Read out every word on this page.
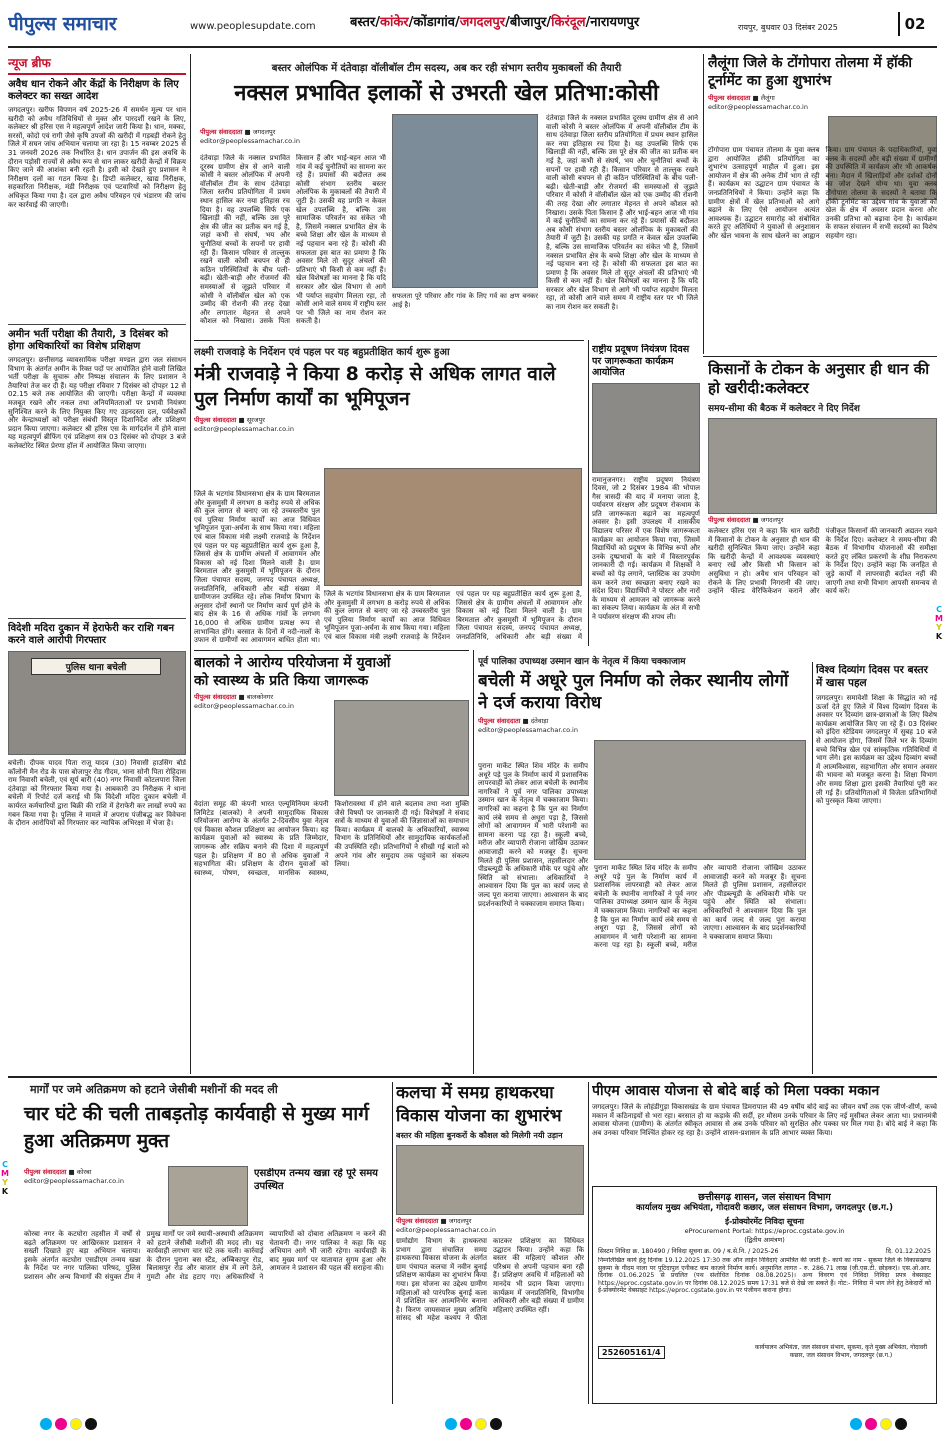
पीपुल्स समाचार	www.peoplesupdate.com	बस्तर/कांकेर/कोंडागांव/जगदलपुर/बीजापुर/किरंदूल/नारायणपुर	रायपुर, बुधवार 03 दिसंबर 2025	02
न्यूज ब्रीफ
अवैध धान रोकने और केंद्रों के निरीक्षण के लिए कलेक्टर का सख्त आदेश
जगदलपुर। खरीफ विपणन वर्ष 2025-26 में समर्थन मूल्य पर धान खरीदी को अवैध गतिविधियों से मुक्त और पारदर्शी रखने के लिए, कलेक्टर श्री हरिस एस ने महत्वपूर्ण आदेश जारी किया है। धान, मक्का, सरसों, कोदो एवं रागी जैसे कृषि उपजों की खरीदी में गड़बड़ी रोकने हेतु जिले में सघन जांच अभियान चलाया जा रहा है। 15 नवम्बर 2025 से 31 जनवरी 2026 तक निर्धारित है। धान उपार्जन की इस अवधि के दौरान पड़ोसी राज्यों से अवैध रूप से धान लाकर खरीदी केन्द्रों में विक्रय किए जाने की आशंका बनी रहती है। इसी को देखते हुए प्रशासन ने निरीक्षण दलों का गठन किया है। डिप्टी कलेक्टर, खाद्य निरीक्षक, सहकारिता निरीक्षक, मंडी निरीक्षक एवं पटवारियों को निरीक्षण हेतु अधिकृत किया गया है। दल द्वारा अवैध परिवहन एवं भंडारण की जांच कर कार्रवाई की जाएगी।
अमीन भर्ती परीक्षा की तैयारी, 3 दिसंबर को होगा अधिकारियों का विशेष प्रशिक्षण
जगदलपुर। छत्तीसगढ़ व्यावसायिक परीक्षा मण्डल द्वारा जल संसाधन विभाग के अंतर्गत अमीन के रिक्त पदों पर आयोजित होने वाली लिखित भर्ती परीक्षा के सुचारू और निष्पक्ष संचालन के लिए प्रशासन ने तैयारियां तेज कर दी हैं। यह परीक्षा रविवार 7 दिसंबर को दोपहर 12 से 02.15 बजे तक आयोजित की जाएगी। परीक्षा केन्द्रों में व्यवस्था मजबूत रखने और नकल तथा अनियमितताओं पर प्रभावी नियंत्रण सुनिश्चित करने के लिए नियुक्त किए गए उड़नदस्ता दल, पर्यवेक्षकों और केन्द्राध्यक्षों को परीक्षा संबंधी विस्तृत दिशानिर्देश और प्रशिक्षण प्रदान किया जाएगा। कलेक्टर श्री हरिस एस के मार्गदर्शन में होने वाला यह महत्वपूर्ण ब्रीफिंग एवं प्रशिक्षण सत्र 03 दिसंबर को दोपहर 3 बजे कलेक्टोरेट स्थित प्रेरणा हॉल में आयोजित किया जाएगा।
विदेशी मदिरा दुकान में हेराफेरी कर राशि गबन करने वाले आरोपी गिरफ्तार
पुलिस थाना बचेली
बचेली। दीपक यादव पिता राजू यादव (30) निवासी हाउसिंग बोर्ड कॉलोनी मैन रोड के पास बोजापुर रोड गीदम, भाना सोनी पिता रोहिदास राम निवासी बचेली, एवं सूर्य बारी (40) नगर निवासी कोटलपारा जिला दंतेवाड़ा को गिरफ्तार किया गया है। आबकारी उप निरीक्षक ने थाना बचेली में रिपोर्ट दर्ज कराई थी कि विदेशी मदिरा दुकान बचेली में कार्यरत कर्मचारियों द्वारा बिक्री की राशि में हेराफेरी कर लाखों रुपये का गबन किया गया है। पुलिस ने मामले में अपराध पंजीबद्ध कर विवेचना के दौरान आरोपियों को गिरफ्तार कर न्यायिक अभिरक्षा में भेजा है।
बस्तर ओलंपिक में दंतेवाड़ा वॉलीबॉल टीम सदस्य, अब कर रही संभाग स्तरीय मुकाबलों की तैयारी
नक्सल प्रभावित इलाकों से उभरती खेल प्रतिभा:कोसी
पीपुल्स संवाददाता ■ जगदलपुर
editor@peoplessamachar.co.in
दंतेवाड़ा जिले के नक्सल प्रभावित दूरस्थ ग्रामीण क्षेत्र से आने वाली कोसी ने बस्तर ओलंपिक में अपनी वॉलीबॉल टीम के साथ दंतेवाड़ा जिला स्तरीय प्रतियोगिता में प्रथम स्थान हासिल कर नया इतिहास रच दिया है। यह उपलब्धि सिर्फ एक खिलाड़ी की नहीं, बल्कि उस पूरे क्षेत्र की जीत का प्रतीक बन गई है, जहां कभी से संघर्ष, भय और चुनौतियां बच्चों के सपनों पर हावी रही हैं। किसान परिवार से ताल्लुक रखने वाली कोसी बचपन से ही कठिन परिस्थितियों के बीच पली-बढ़ी। खेती-बाड़ी और रोजमर्रा की समस्याओं से जूझते परिवार में कोसी ने वॉलीबॉल खेल को एक उम्मीद की रोशनी की तरह देखा और लगातार मेहनत से अपने कौशल को निखारा। उसके पिता किसान हैं और भाई-बहन आज भी गांव में कई चुनौतियों का सामना कर रहे हैं। प्रयासों की बदौलत अब कोसी संभाग स्तरीय बस्तर ओलंपिक के मुकाबलों की तैयारी में जुटी है। उसकी यह प्रगति न केवल खेल उपलब्धि है, बल्कि उस सामाजिक परिवर्तन का संकेत भी है, जिसमें नक्सल प्रभावित क्षेत्र के बच्चे शिक्षा और खेल के माध्यम से नई पहचान बना रहे हैं। कोसी की सफलता इस बात का प्रमाण है कि अवसर मिले तो सुदूर अंचलों की प्रतिभाएं भी किसी से कम नहीं हैं। खेल विशेषज्ञों का मानना है कि यदि सरकार और खेल विभाग से आगे भी पर्याप्त सहयोग मिलता रहा, तो कोसी आने वाले समय में राष्ट्रीय स्तर पर भी जिले का नाम रोशन कर सकती है।
सफलता पूरे परिवार और गांव के लिए गर्व का क्षण बनकर आई है।
दंतेवाड़ा जिले के नक्सल प्रभावित दूरस्थ ग्रामीण क्षेत्र से आने वाली कोसी ने बस्तर ओलंपिक में अपनी वॉलीबॉल टीम के साथ दंतेवाड़ा जिला स्तरीय प्रतियोगिता में प्रथम स्थान हासिल कर नया इतिहास रच दिया है। यह उपलब्धि सिर्फ एक खिलाड़ी की नहीं, बल्कि उस पूरे क्षेत्र की जीत का प्रतीक बन गई है, जहां कभी से संघर्ष, भय और चुनौतियां बच्चों के सपनों पर हावी रही हैं। किसान परिवार से ताल्लुक रखने वाली कोसी बचपन से ही कठिन परिस्थितियों के बीच पली-बढ़ी। खेती-बाड़ी और रोजमर्रा की समस्याओं से जूझते परिवार में कोसी ने वॉलीबॉल खेल को एक उम्मीद की रोशनी की तरह देखा और लगातार मेहनत से अपने कौशल को निखारा। उसके पिता किसान हैं और भाई-बहन आज भी गांव में कई चुनौतियों का सामना कर रहे हैं। प्रयासों की बदौलत अब कोसी संभाग स्तरीय बस्तर ओलंपिक के मुकाबलों की तैयारी में जुटी है। उसकी यह प्रगति न केवल खेल उपलब्धि है, बल्कि उस सामाजिक परिवर्तन का संकेत भी है, जिसमें नक्सल प्रभावित क्षेत्र के बच्चे शिक्षा और खेल के माध्यम से नई पहचान बना रहे हैं। कोसी की सफलता इस बात का प्रमाण है कि अवसर मिले तो सुदूर अंचलों की प्रतिभाएं भी किसी से कम नहीं हैं। खेल विशेषज्ञों का मानना है कि यदि सरकार और खेल विभाग से आगे भी पर्याप्त सहयोग मिलता रहा, तो कोसी आने वाले समय में राष्ट्रीय स्तर पर भी जिले का नाम रोशन कर सकती है।
लैलूंगा जिले के टोंगोपारा तोलमा में हॉकी टूर्नामेंट का हुआ शुभारंभ
पीपुल्स संवाददाता ■ लैलूंगा
editor@peoplessamachar.co.in
टोंगोपारा ग्राम पंचायत तोलमा के युवा क्लब द्वारा आयोजित हॉकी प्रतियोगिता का शुभारंभ उत्साहपूर्ण माहौल में हुआ। इस आयोजन में क्षेत्र की अनेक टीमें भाग ले रही हैं। कार्यक्रम का उद्घाटन ग्राम पंचायत के जनप्रतिनिधियों ने किया। उन्होंने कहा कि ग्रामीण क्षेत्रों में खेल प्रतिभाओं को आगे बढ़ाने के लिए ऐसे आयोजन अत्यंत आवश्यक हैं। उद्घाटन समारोह को संबोधित करते हुए अतिथियों ने युवाओं से अनुशासन और खेल भावना के साथ खेलने का आह्वान किया। ग्राम पंचायत के पदाधिकारियों, युवा क्लब के सदस्यों और बड़ी संख्या में ग्रामीणों की उपस्थिति में कार्यक्रम और भी आकर्षक बना। मैदान में खिलाड़ियों और दर्शकों दोनों का जोश देखने योग्य था। युवा क्लब टोंगोपारा तोलमा के सदस्यों ने बताया कि हॉकी टूर्नामेंट का उद्देश्य गांव के युवाओं को खेल के क्षेत्र में अवसर प्रदान करना और उनकी प्रतिभा को बढ़ावा देना है। कार्यक्रम के सफल संचालन में सभी सदस्यों का विशेष सहयोग रहा।
लक्ष्मी राजवाड़े के निर्देशन एवं पहल पर यह बहुप्रतीक्षित कार्य शुरू हुआ
मंत्री राजवाड़े ने किया 8 करोड़ से अधिक लागत वाले पुल निर्माण कार्यों का भूमिपूजन
पीपुल्स संवाददाता ■ सूरजपुर
editor@peoplessamachar.co.in
जिले के भटगांव विधानसभा क्षेत्र के ग्राम बिरमताल और कुसमुसी में लगभग 8 करोड़ रुपये से अधिक की कुल लागत से बनाए जा रहे उच्चस्तरीय पुल एवं पुलिया निर्माण कार्यों का आज विधिवत भूमिपूजन पूजा-अर्चना के साथ किया गया। महिला एवं बाल विकास मंत्री लक्ष्मी राजवाड़े के निर्देशन एवं पहल पर यह बहुप्रतीक्षित कार्य शुरू हुआ है, जिससे क्षेत्र के ग्रामीण अंचलों में आवागमन और विकास को नई दिशा मिलने वाली है। ग्राम बिरमताल और कुसमुसी में भूमिपूजन के दौरान जिला पंचायत सदस्य, जनपद पंचायत अध्यक्ष, जनप्रतिनिधि, अधिकारी और बड़ी संख्या में ग्रामीणजन उपस्थित रहे। लोक निर्माण विभाग के अनुसार दोनों स्थानों पर निर्माण कार्य पूर्ण होने के बाद क्षेत्र के 16 से अधिक गांवों के लगभग 16,000 से अधिक ग्रामीण प्रत्यक्ष रूप से लाभान्वित होंगे। बरसात के दिनों में नदी-नालों के उफान से ग्रामीणों का आवागमन बाधित होता था।
जिले के भटगांव विधानसभा क्षेत्र के ग्राम बिरमताल और कुसमुसी में लगभग 8 करोड़ रुपये से अधिक की कुल लागत से बनाए जा रहे उच्चस्तरीय पुल एवं पुलिया निर्माण कार्यों का आज विधिवत भूमिपूजन पूजा-अर्चना के साथ किया गया। महिला एवं बाल विकास मंत्री लक्ष्मी राजवाड़े के निर्देशन एवं पहल पर यह बहुप्रतीक्षित कार्य शुरू हुआ है, जिससे क्षेत्र के ग्रामीण अंचलों में आवागमन और विकास को नई दिशा मिलने वाली है। ग्राम बिरमताल और कुसमुसी में भूमिपूजन के दौरान जिला पंचायत सदस्य, जनपद पंचायत अध्यक्ष, जनप्रतिनिधि, अधिकारी और बड़ी संख्या में
राष्ट्रीय प्रदूषण नियंत्रण दिवस पर जागरूकता कार्यक्रम आयोजित
रामानुजनगर। राष्ट्रीय प्रदूषण नियंत्रण दिवस, जो 2 दिसंबर 1984 की भोपाल गैस त्रासदी की याद में मनाया जाता है, पर्यावरण संरक्षण और प्रदूषण रोकथाम के प्रति जागरूकता बढ़ाने का महत्वपूर्ण अवसर है। इसी उपलक्ष्य में शासकीय विद्यालय परिसर में एक विशेष जागरूकता कार्यक्रम का आयोजन किया गया, जिसमें विद्यार्थियों को प्रदूषण के विभिन्न रूपों और उनके दुष्प्रभावों के बारे में विस्तारपूर्वक जानकारी दी गई। कार्यक्रम में शिक्षकों ने बच्चों को पेड़ लगाने, प्लास्टिक का उपयोग कम करने तथा स्वच्छता बनाए रखने का संदेश दिया। विद्यार्थियों ने पोस्टर और नारों के माध्यम से आमजन को जागरूक करने का संकल्प लिया। कार्यक्रम के अंत में सभी ने पर्यावरण संरक्षण की शपथ ली।
किसानों के टोकन के अनुसार ही धान की हो खरीदी:कलेक्टर
समय-सीमा की बैठक में कलेक्टर ने दिए निर्देश
पीपुल्स संवाददाता ■ जगदलपुर
कलेक्टर हरिस एस ने कहा कि धान खरीदी में किसानों के टोकन के अनुसार ही धान की खरीदी सुनिश्चित किया जाए। उन्होंने कहा कि खरीदी केन्द्रों में आवश्यक व्यवस्थाएं बनाए रखें और किसी भी किसान को असुविधा न हो। अवैध धान परिवहन को रोकने के लिए प्रभावी निगरानी की जाए। उन्होंने फील्ड वेरिफिकेशन कराने और पंजीकृत किसानों की जानकारी अद्यतन रखने के निर्देश दिए। कलेक्टर ने समय-सीमा की बैठक में विभागीय योजनाओं की समीक्षा करते हुए लंबित प्रकरणों के शीघ्र निराकरण के निर्देश दिए। उन्होंने कहा कि जनहित से जुड़े कार्यों में लापरवाही बर्दाश्त नहीं की जाएगी तथा सभी विभाग आपसी समन्वय से कार्य करें।
बालको ने आरोग्य परियोजना में युवाओं
को स्वास्थ्य के प्रति किया जागरूक
पीपुल्स संवाददाता ■ बालकोनगर
editor@peoplessamachar.co.in
वेदांता समूह की कंपनी भारत एल्यूमिनियम कंपनी लिमिटेड (बालको) ने अपनी सामुदायिक विकास परियोजना आरोग्य के अंतर्गत 2-दिवसीय युवा नेतृत्व एवं विकास कौशल प्रशिक्षण का आयोजन किया। यह कार्यक्रम युवाओं को स्वास्थ्य के प्रति जिम्मेदार, जागरूक और सक्रिय बनाने की दिशा में महत्वपूर्ण पहल है। प्रशिक्षण में 80 से अधिक युवाओं ने सहभागिता की। प्रशिक्षण के दौरान युवाओं को स्वास्थ्य, पोषण, स्वच्छता, मानसिक स्वास्थ्य, किशोरावस्था में होने वाले बदलाव तथा नशा मुक्ति जैसे विषयों पर जानकारी दी गई। विशेषज्ञों ने संवाद सत्रों के माध्यम से युवाओं की जिज्ञासाओं का समाधान किया। कार्यक्रम में बालको के अधिकारियों, स्वास्थ्य विभाग के प्रतिनिधियों और सामुदायिक कार्यकर्ताओं की उपस्थिति रही। प्रतिभागियों ने सीखी गई बातों को अपने गांव और समुदाय तक पहुंचाने का संकल्प लिया।
पूर्व पालिका उपाध्यक्ष उस्मान खान के नेतृत्व में किया चक्काजाम
बचेली में अधूरे पुल निर्माण को लेकर स्थानीय लोगों ने दर्ज कराया विरोध
पीपुल्स संवाददाता ■ दंतेवाड़ा
editor@peoplessamachar.co.in
पुराना मार्केट स्थित शिव मंदिर के समीप अधूरे पड़े पुल के निर्माण कार्य में प्रशासनिक लापरवाही को लेकर आज बचेली के स्थानीय नागरिकों ने पूर्व नगर पालिका उपाध्यक्ष उस्मान खान के नेतृत्व में चक्काजाम किया। नागरिकों का कहना है कि पुल का निर्माण कार्य लंबे समय से अधूरा पड़ा है, जिससे लोगों को आवागमन में भारी परेशानी का सामना करना पड़ रहा है। स्कूली बच्चे, मरीज और व्यापारी रोजाना जोखिम उठाकर आवाजाही करने को मजबूर हैं। सूचना मिलते ही पुलिस प्रशासन, तहसीलदार और पीडब्ल्यूडी के अधिकारी मौके पर पहुंचे और स्थिति को संभाला। अधिकारियों ने आश्वासन दिया कि पुल का कार्य जल्द से जल्द पूरा कराया जाएगा। आश्वासन के बाद प्रदर्शनकारियों ने चक्काजाम समाप्त किया।
पुराना मार्केट स्थित शिव मंदिर के समीप अधूरे पड़े पुल के निर्माण कार्य में प्रशासनिक लापरवाही को लेकर आज बचेली के स्थानीय नागरिकों ने पूर्व नगर पालिका उपाध्यक्ष उस्मान खान के नेतृत्व में चक्काजाम किया। नागरिकों का कहना है कि पुल का निर्माण कार्य लंबे समय से अधूरा पड़ा है, जिससे लोगों को आवागमन में भारी परेशानी का सामना करना पड़ रहा है। स्कूली बच्चे, मरीज और व्यापारी रोजाना जोखिम उठाकर आवाजाही करने को मजबूर हैं। सूचना मिलते ही पुलिस प्रशासन, तहसीलदार और पीडब्ल्यूडी के अधिकारी मौके पर पहुंचे और स्थिति को संभाला। अधिकारियों ने आश्वासन दिया कि पुल का कार्य जल्द से जल्द पूरा कराया जाएगा। आश्वासन के बाद प्रदर्शनकारियों ने चक्काजाम समाप्त किया।
विश्व दिव्यांग दिवस पर बस्तर में खास पहल
जगदलपुर। समावेशी शिक्षा के सिद्धांत को नई ऊर्जा देते हुए जिले में विश्व दिव्यांग दिवस के अवसर पर दिव्यांग छात्र-छात्राओं के लिए विशेष कार्यक्रम आयोजित किए जा रहे हैं। 03 दिसंबर को इंदिरा स्टेडियम जगदलपुर में सुबह 10 बजे से आयोजन होगा, जिसमें जिले भर के दिव्यांग बच्चे विभिन्न खेल एवं सांस्कृतिक गतिविधियों में भाग लेंगे। इस कार्यक्रम का उद्देश्य दिव्यांग बच्चों में आत्मविश्वास, सहभागिता और समान अवसर की भावना को मजबूत करना है। शिक्षा विभाग और समग्र शिक्षा द्वारा इसकी तैयारियां पूरी कर ली गई हैं। प्रतियोगिताओं में विजेता प्रतिभागियों को पुरस्कृत किया जाएगा।
मार्गों पर जमे अतिक्रमण को हटाने जेसीबी मशीनों की मदद ली
चार घंटे की चली ताबड़तोड़ कार्यवाही से मुख्य मार्ग हुआ अतिक्रमण मुक्त
पीपुल्स संवाददाता ■ कोरबा
editor@peoplessamachar.co.in
एसडीएम तन्मय खन्ना रहे पूरे समय उपस्थित
कोरबा नगर के कटघोरा तहसील में वर्षों से बढ़ते अतिक्रमण पर आखिरकार प्रशासन ने सख्ती दिखाते हुए बड़ा अभियान चलाया। इसके अंतर्गत कटघोरा एसडीएम तन्मय खन्ना के निर्देश पर नगर पालिका परिषद, पुलिस प्रशासन और अन्य विभागों की संयुक्त टीम ने प्रमुख मार्गों पर जमे स्थायी-अस्थायी अतिक्रमण को हटाने जेसीबी मशीनों की मदद ली। यह कार्यवाही लगभग चार घंटे तक चली। कार्रवाई के दौरान पुराना बस स्टैंड, अम्बिकापुर रोड, बिलासपुर रोड और बाजार क्षेत्र में लगे ठेले, गुमटी और शेड हटाए गए। अधिकारियों ने व्यापारियों को दोबारा अतिक्रमण न करने की चेतावनी दी। नगर पालिका ने कहा कि यह अभियान आगे भी जारी रहेगा। कार्यवाही के बाद मुख्य मार्ग पर यातायात सुगम हुआ और आमजन ने प्रशासन की पहल की सराहना की।
कलचा में समग्र हाथकरघा विकास योजना का शुभारंभ
बस्तर की महिला बुनकरों के कौशल को मिलेगी नयी उड़ान
पीपुल्स संवाददाता ■ जगदलपुर
editor@peoplessamachar.co.in
ग्रामोद्योग विभाग के हाथकरघा प्रभाग द्वारा संचालित समग्र हाथकरघा विकास योजना के अंतर्गत ग्राम पंचायत कलचा में नवीन बुनाई प्रशिक्षण कार्यक्रम का शुभारंभ किया गया। इस योजना का उद्देश्य ग्रामीण महिलाओं को पारंपरिक बुनाई कला में प्रशिक्षित कर आत्मनिर्भर बनाना है। किरण जायसवाल मुख्य अतिथि सांसद श्री महेश कश्यप ने फीता काटकर प्रशिक्षण का विधिवत उद्घाटन किया। उन्होंने कहा कि बस्तर की महिलाएं कौशल और परिश्रम से अपनी पहचान बना रही हैं। प्रशिक्षण अवधि में महिलाओं को मानदेय भी प्रदान किया जाएगा। कार्यक्रम में जनप्रतिनिधि, विभागीय अधिकारी और बड़ी संख्या में ग्रामीण महिलाएं उपस्थित रहीं।
पीएम आवास योजना से बोदे बाई को मिला पक्का मकान
जगदलपुर। जिले के लोहंडीगुड़ा विकासखंड के ग्राम पंचायत डिमरापाल की 49 वर्षीय बोदे बाई का जीवन वर्षों तक एक जीर्ण-शीर्ण, कच्चे मकान में कठिनाइयों से भरा रहा। बरसात हो या कड़ाके की सर्दी, हर मौसम उनके परिवार के लिए नई मुसीबत लेकर आता था। प्रधानमंत्री आवास योजना (ग्रामीण) के अंतर्गत स्वीकृत आवास से अब उनके परिवार को सुरक्षित और पक्का घर मिल गया है। बोदे बाई ने कहा कि अब उनका परिवार निश्चिंत होकर रह रहा है। उन्होंने शासन-प्रशासन के प्रति आभार व्यक्त किया।
छत्तीसगढ़ शासन, जल संसाधन विभाग
कार्यालय मुख्य अभियंता, गोदावरी कछार, जल संसाधन विभाग, जगदलपुर (छ.ग.)
ई-प्रोक्योरमेंट निविदा सूचना
eProcurement Portal: https://eproc.cgstate.gov.in
(द्वितीय आमंत्रण)
सिस्टम निविदा क्र. 180490 / निविदा सूचना क्र. 09 / ब.से.नि. / 2025-26	दि. 01.12.2025
निम्नलिखित कार्य हेतु दिनांक 19.12.2025 17:30 तक ऑन लाईन निविदाएं आमंत्रित की जाती हैं:- कार्य का नाम - सुकमा जिले के विकासखण्ड सुकमा के गीदम नाला पर पुटिदापुल एनीकट कम काजवे निर्माण कार्य। अनुमानित लागत - रु. 286.71 लाख (जी.एस.टी. छोड़कर)। एस.ओ.आर. दिनांक 01.06.2025 से प्रचलित (पथ संशोधित दिनांक 08.08.2025)। अन्य विवरण एवं निविदा निविदा प्रपत्र वेबसाइट https://eproc.cgstate.gov.in पर दिनांक 08.12.2025 समय 17:31 बजे से देखे जा सकते हैं। नोट:- निविदा में भाग लेने हेतु ठेकेदारों को ई-प्रोक्योरमेंट वेबसाइट https://eproc.cgstate.gov.in पर पंजीयन कराना होगा।
252605161/4
कार्यपालन अभियंता, जल संसाधन संभाग, सुकमा, कृते मुख्य अभियंता, गोदावरी कछार, जल संसाधन विभाग, जगदलपुर (छ.ग.)
C
M
Y
K
C
M
Y
K
